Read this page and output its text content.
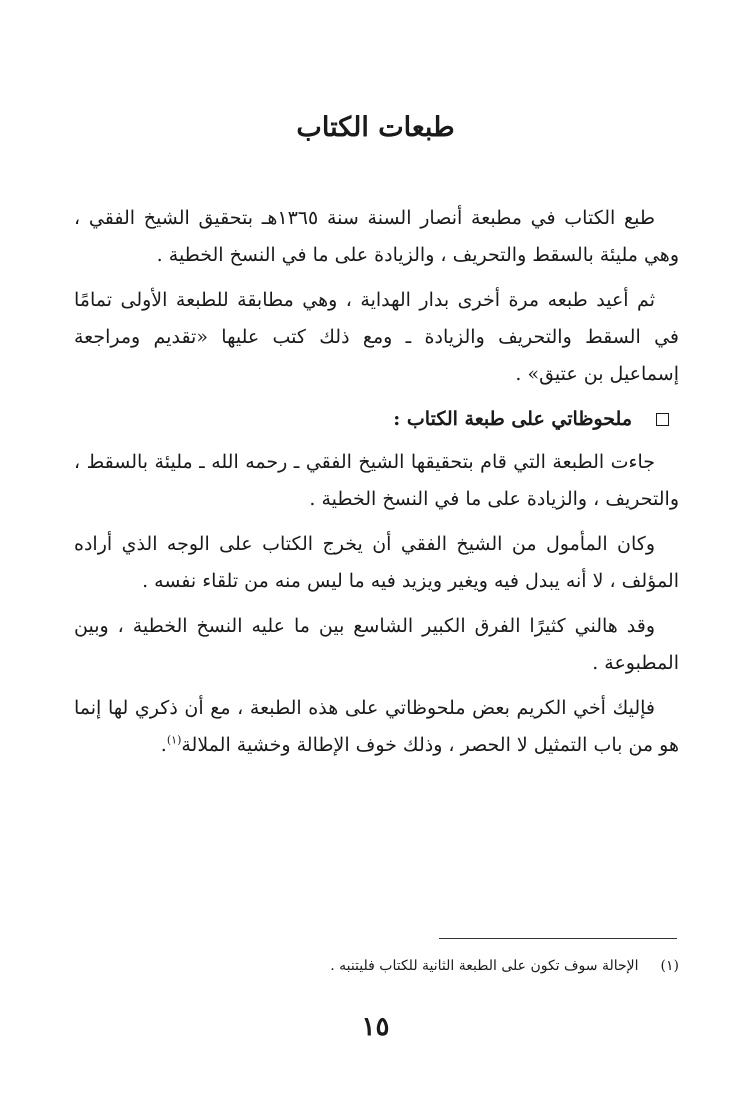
طبعات الكتاب

طبع الكتاب في مطبعة أنصار السنة سنة ١٣٦٥هـ بتحقيق الشيخ الفقي ، وهي مليئة بالسقط والتحريف ، والزيادة على ما في النسخ الخطية .

ثم أعيد طبعه مرة أخرى بدار الهداية ، وهي مطابقة للطبعة الأولى تمامًا في السقط والتحريف والزيادة ـ ومع ذلك كتب عليها «تقديم ومراجعة إسماعيل بن عتيق» .

ملحوظاتي على طبعة الكتاب :

جاءت الطبعة التي قام بتحقيقها الشيخ الفقي ـ رحمه الله ـ مليئة بالسقط ، والتحريف ، والزيادة على ما في النسخ الخطية .

وكان المأمول من الشيخ الفقي أن يخرج الكتاب على الوجه الذي أراده المؤلف ، لا أنه يبدل فيه ويغير ويزيد فيه ما ليس منه من تلقاء نفسه .

وقد هالني كثيرًا الفرق الكبير الشاسع بين ما عليه النسخ الخطية ، وبين المطبوعة .

فإليك أخي الكريم بعض ملحوظاتي على هذه الطبعة ، مع أن ذكري لها إنما هو من باب التمثيل لا الحصر ، وذلك خوف الإطالة وخشية الملالة$^{(١)}$.

(١)
الإحالة سوف تكون على الطبعة الثانية للكتاب فليتنبه .
١٥
